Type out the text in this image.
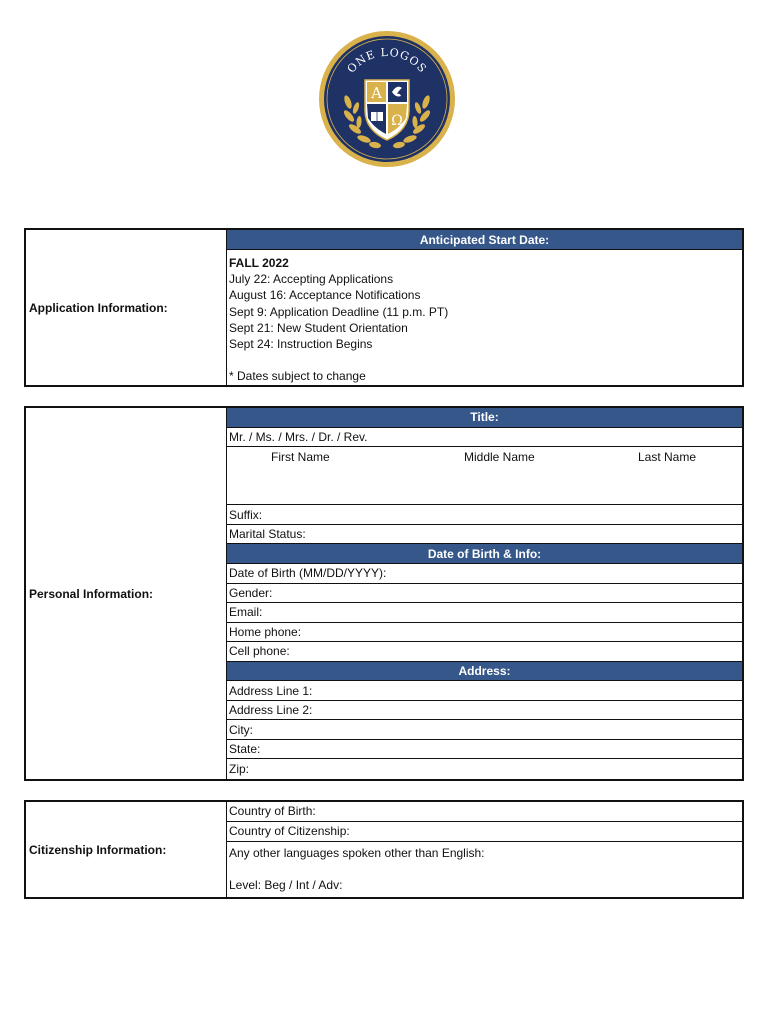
ONE LOGOS
A
Ω
Application Information:
Anticipated Start Date:
FALL 2022
July 22: Accepting Applications
August 16: Acceptance Notifications
Sept 9: Application Deadline (11 p.m. PT)
Sept 21: New Student Orientation
Sept 24: Instruction Begins
* Dates subject to change
Personal Information:
Title:
Mr. / Ms. / Mrs. / Dr. / Rev.
First Name	Middle Name	Last Name
Suffix:
Marital Status:
Date of Birth & Info:
Date of Birth (MM/DD/YYYY):
Gender:
Email:
Home phone:
Cell phone:
Address:
Address Line 1:
Address Line 2:
City:
State:
Zip:
Citizenship Information:
Country of Birth:
Country of Citizenship:
Any other languages spoken other than English:
Level: Beg / Int / Adv:
